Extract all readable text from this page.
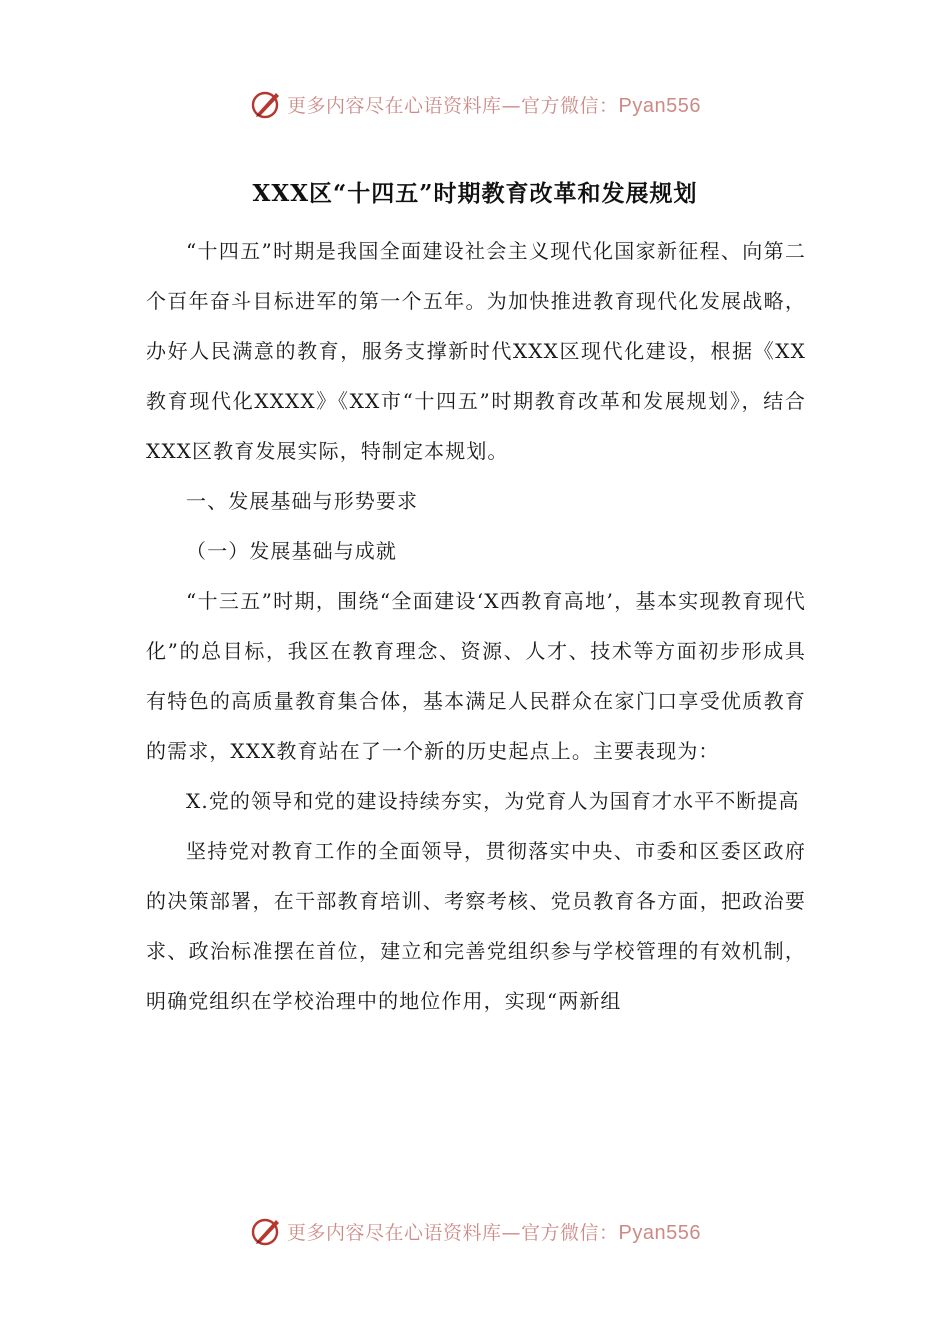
更多内容尽在心语资料库—官方微信：Pyan556
XXX区“十四五”时期教育改革和发展规划

“十四五”时期是我国全面建设社会主义现代化国家新征程、向第二个百年奋斗目标进军的第一个五年。为加快推进教育现代化发展战略，办好人民满意的教育，服务支撑新时代XXX区现代化建设，根据《XX教育现代化XXXX》《XX市“十四五”时期教育改革和发展规划》，结合XXX区教育发展实际，特制定本规划。

一、发展基础与形势要求

（一）发展基础与成就

“十三五”时期，围绕“全面建设‘X西教育高地’，基本实现教育现代化”的总目标，我区在教育理念、资源、人才、技术等方面初步形成具有特色的高质量教育集合体，基本满足人民群众在家门口享受优质教育的需求，XXX教育站在了一个新的历史起点上。主要表现为：

X.党的领导和党的建设持续夯实，为党育人为国育才水平不断提高

坚持党对教育工作的全面领导，贯彻落实中央、市委和区委区政府的决策部署，在干部教育培训、考察考核、党员教育各方面，把政治要求、政治标准摆在首位，建立和完善党组织参与学校管理的有效机制，明确党组织在学校治理中的地位作用，实现“两新组

更多内容尽在心语资料库—官方微信：Pyan556
